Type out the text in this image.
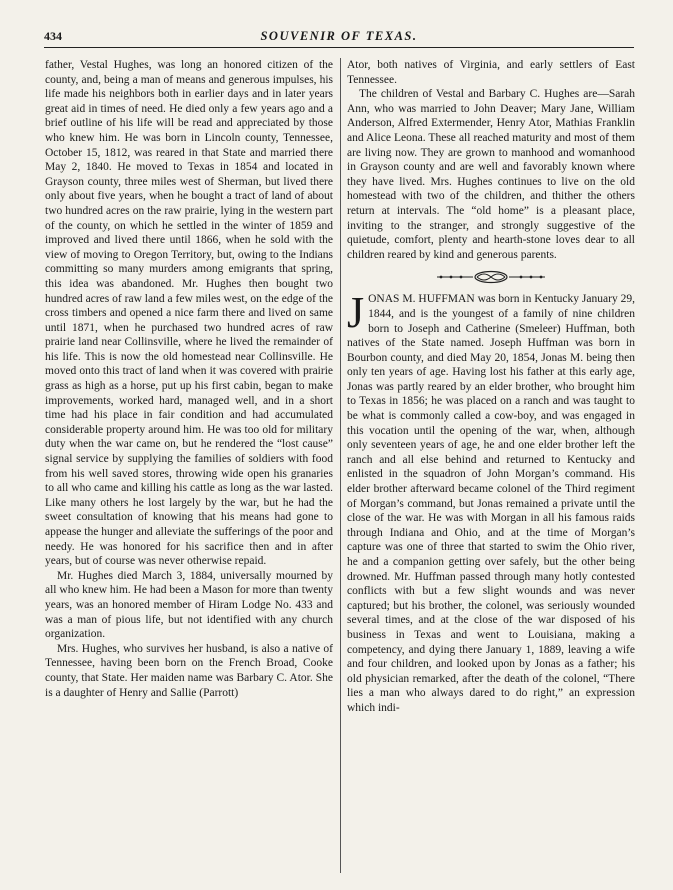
434	SOUVENIR OF TEXAS.

father, Vestal Hughes, was long an honored citizen of the county, and, being a man of means and generous impulses, his life made his neighbors both in earlier days and in later years great aid in times of need. He died only a few years ago and a brief outline of his life will be read and appreciated by those who knew him. He was born in Lincoln county, Tennessee, October 15, 1812, was reared in that State and married there May 2, 1840. He moved to Texas in 1854 and located in Grayson county, three miles west of Sherman, but lived there only about five years, when he bought a tract of land of about two hundred acres on the raw prairie, lying in the western part of the county, on which he settled in the winter of 1859 and improved and lived there until 1866, when he sold with the view of moving to Oregon Territory, but, owing to the Indians committing so many murders among emigrants that spring, this idea was abandoned. Mr. Hughes then bought two hundred acres of raw land a few miles west, on the edge of the cross timbers and opened a nice farm there and lived on same until 1871, when he purchased two hundred acres of raw prairie land near Collinsville, where he lived the remainder of his life. This is now the old homestead near Collinsville. He moved onto this tract of land when it was covered with prairie grass as high as a horse, put up his first cabin, began to make improvements, worked hard, managed well, and in a short time had his place in fair condition and had accumulated considerable property around him. He was too old for military duty when the war came on, but he rendered the “lost cause” signal service by supplying the families of soldiers with food from his well saved stores, throwing wide open his granaries to all who came and killing his cattle as long as the war lasted. Like many others he lost largely by the war, but he had the sweet consultation of knowing that his means had gone to appease the hunger and alleviate the sufferings of the poor and needy. He was honored for his sacrifice then and in after years, but of course was never otherwise repaid.

Mr. Hughes died March 3, 1884, universally mourned by all who knew him. He had been a Mason for more than twenty years, was an honored member of Hiram Lodge No. 433 and was a man of pious life, but not identified with any church organization.

Mrs. Hughes, who survives her husband, is also a native of Tennessee, having been born on the French Broad, Cooke county, that State. Her maiden name was Barbary C. Ator. She is a daughter of Henry and Sallie (Parrott)

Ator, both natives of Virginia, and early settlers of East Tennessee.

The children of Vestal and Barbary C. Hughes are—Sarah Ann, who was married to John Deaver; Mary Jane, William Anderson, Alfred Extermender, Henry Ator, Mathias Franklin and Alice Leona. These all reached maturity and most of them are living now. They are grown to manhood and womanhood in Grayson county and are well and favorably known where they have lived. Mrs. Hughes continues to live on the old homestead with two of the children, and thither the others return at intervals. The “old home” is a pleasant place, inviting to the stranger, and strongly suggestive of the quietude, comfort, plenty and hearth-stone loves dear to all children reared by kind and generous parents.

J ONAS M. HUFFMAN was born in Kentucky January 29, 1844, and is the youngest of a family of nine children born to Joseph and Catherine (Smeleer) Huffman, both natives of the State named. Joseph Huffman was born in Bourbon county, and died May 20, 1854, Jonas M. being then only ten years of age. Having lost his father at this early age, Jonas was partly reared by an elder brother, who brought him to Texas in 1856; he was placed on a ranch and was taught to be what is commonly called a cow-boy, and was engaged in this vocation until the opening of the war, when, although only seventeen years of age, he and one elder brother left the ranch and all else behind and returned to Kentucky and enlisted in the squadron of John Morgan’s command. His elder brother afterward became colonel of the Third regiment of Morgan’s command, but Jonas remained a private until the close of the war. He was with Morgan in all his famous raids through Indiana and Ohio, and at the time of Morgan’s capture was one of three that started to swim the Ohio river, he and a companion getting over safely, but the other being drowned. Mr. Huffman passed through many hotly contested conflicts with but a few slight wounds and was never captured; but his brother, the colonel, was seriously wounded several times, and at the close of the war disposed of his business in Texas and went to Louisiana, making a competency, and dying there January 1, 1889, leaving a wife and four children, and looked upon by Jonas as a father; his old physician remarked, after the death of the colonel, “There lies a man who always dared to do right,” an expression which indi-
